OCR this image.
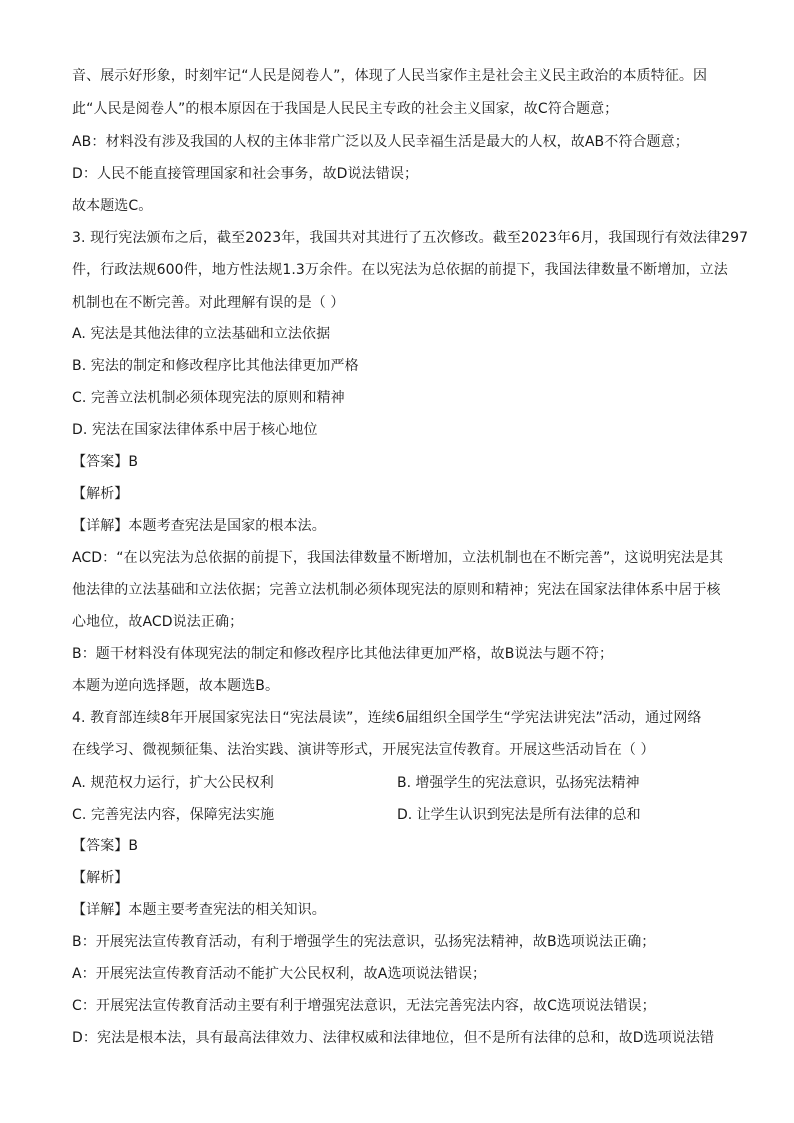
音、展示好形象，时刻牢记“人民是阅卷人”，体现了人民当家作主是社会主义民主政治的本质特征。因
此“人民是阅卷人”的根本原因在于我国是人民民主专政的社会主义国家，故C符合题意；
AB：材料没有涉及我国的人权的主体非常广泛以及人民幸福生活是最大的人权，故AB不符合题意；
D：人民不能直接管理国家和社会事务，故D说法错误；
故本题选C。
3. 现行宪法颁布之后，截至2023年，我国共对其进行了五次修改。截至2023年6月，我国现行有效法律297
件，行政法规600件，地方性法规1.3万余件。在以宪法为总依据的前提下，我国法律数量不断增加，立法
机制也在不断完善。对此理解有误的是（ ）
A. 宪法是其他法律的立法基础和立法依据
B. 宪法的制定和修改程序比其他法律更加严格
C. 完善立法机制必须体现宪法的原则和精神
D. 宪法在国家法律体系中居于核心地位
【答案】B
【解析】
【详解】本题考查宪法是国家的根本法。
ACD：“在以宪法为总依据的前提下，我国法律数量不断增加，立法机制也在不断完善”，这说明宪法是其
他法律的立法基础和立法依据；完善立法机制必须体现宪法的原则和精神；宪法在国家法律体系中居于核
心地位，故ACD说法正确；
B：题干材料没有体现宪法的制定和修改程序比其他法律更加严格，故B说法与题不符；
本题为逆向选择题，故本题选B。
4. 教育部连续8年开展国家宪法日“宪法晨读”，连续6届组织全国学生“学宪法讲宪法”活动，通过网络
在线学习、微视频征集、法治实践、演讲等形式，开展宪法宣传教育。开展这些活动旨在（ ）
A. 规范权力运行，扩大公民权利	B. 增强学生的宪法意识，弘扬宪法精神
C. 完善宪法内容，保障宪法实施	D. 让学生认识到宪法是所有法律的总和
【答案】B
【解析】
【详解】本题主要考查宪法的相关知识。
B：开展宪法宣传教育活动，有利于增强学生的宪法意识，弘扬宪法精神，故B选项说法正确；
A：开展宪法宣传教育活动不能扩大公民权利，故A选项说法错误；
C：开展宪法宣传教育活动主要有利于增强宪法意识，无法完善宪法内容，故C选项说法错误；
D：宪法是根本法，具有最高法律效力、法律权威和法律地位，但不是所有法律的总和，故D选项说法错
